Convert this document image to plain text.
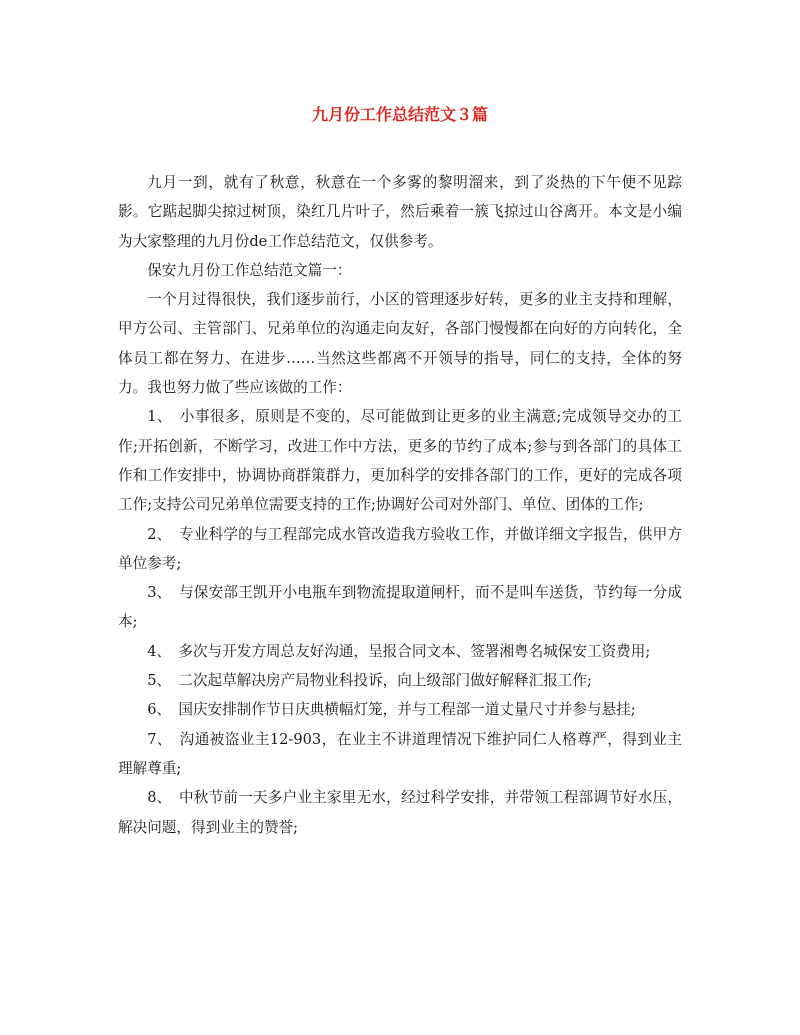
九月份工作总结范文３篇

九月一到，就有了秋意，秋意在一个多雾的黎明溜来，到了炎热的下午便不见踪影。它踮起脚尖掠过树顶，染红几片叶子，然后乘着一簇飞掠过山谷离开。本文是小编为大家整理的九月份de工作总结范文，仅供参考。

保安九月份工作总结范文篇一：

一个月过得很快，我们逐步前行，小区的管理逐步好转，更多的业主支持和理解，甲方公司、主管部门、兄弟单位的沟通走向友好，各部门慢慢都在向好的方向转化，全体员工都在努力、在进步……当然这些都离不开领导的指导，同仁的支持，全体的努力。我也努力做了些应该做的工作：

1、　小事很多，原则是不变的，尽可能做到让更多的业主满意;完成领导交办的工作;开拓创新，不断学习，改进工作中方法，更多的节约了成本;参与到各部门的具体工作和工作安排中，协调协商群策群力，更加科学的安排各部门的工作，更好的完成各项工作;支持公司兄弟单位需要支持的工作;协调好公司对外部门、单位、团体的工作;

2、　专业科学的与工程部完成水管改造我方验收工作，并做详细文字报告，供甲方单位参考;

3、　与保安部王凯开小电瓶车到物流提取道闸杆，而不是叫车送货，节约每一分成本;

4、　多次与开发方周总友好沟通，呈报合同文本、签署湘粤名城保安工资费用;

5、　二次起草解决房产局物业科投诉，向上级部门做好解释汇报工作;

6、　国庆安排制作节日庆典横幅灯笼，并与工程部一道丈量尺寸并参与悬挂;

7、　沟通被盗业主12-903，在业主不讲道理情况下维护同仁人格尊严，得到业主理解尊重;

8、　中秋节前一天多户业主家里无水，经过科学安排，并带领工程部调节好水压，解决问题，得到业主的赞誉;
